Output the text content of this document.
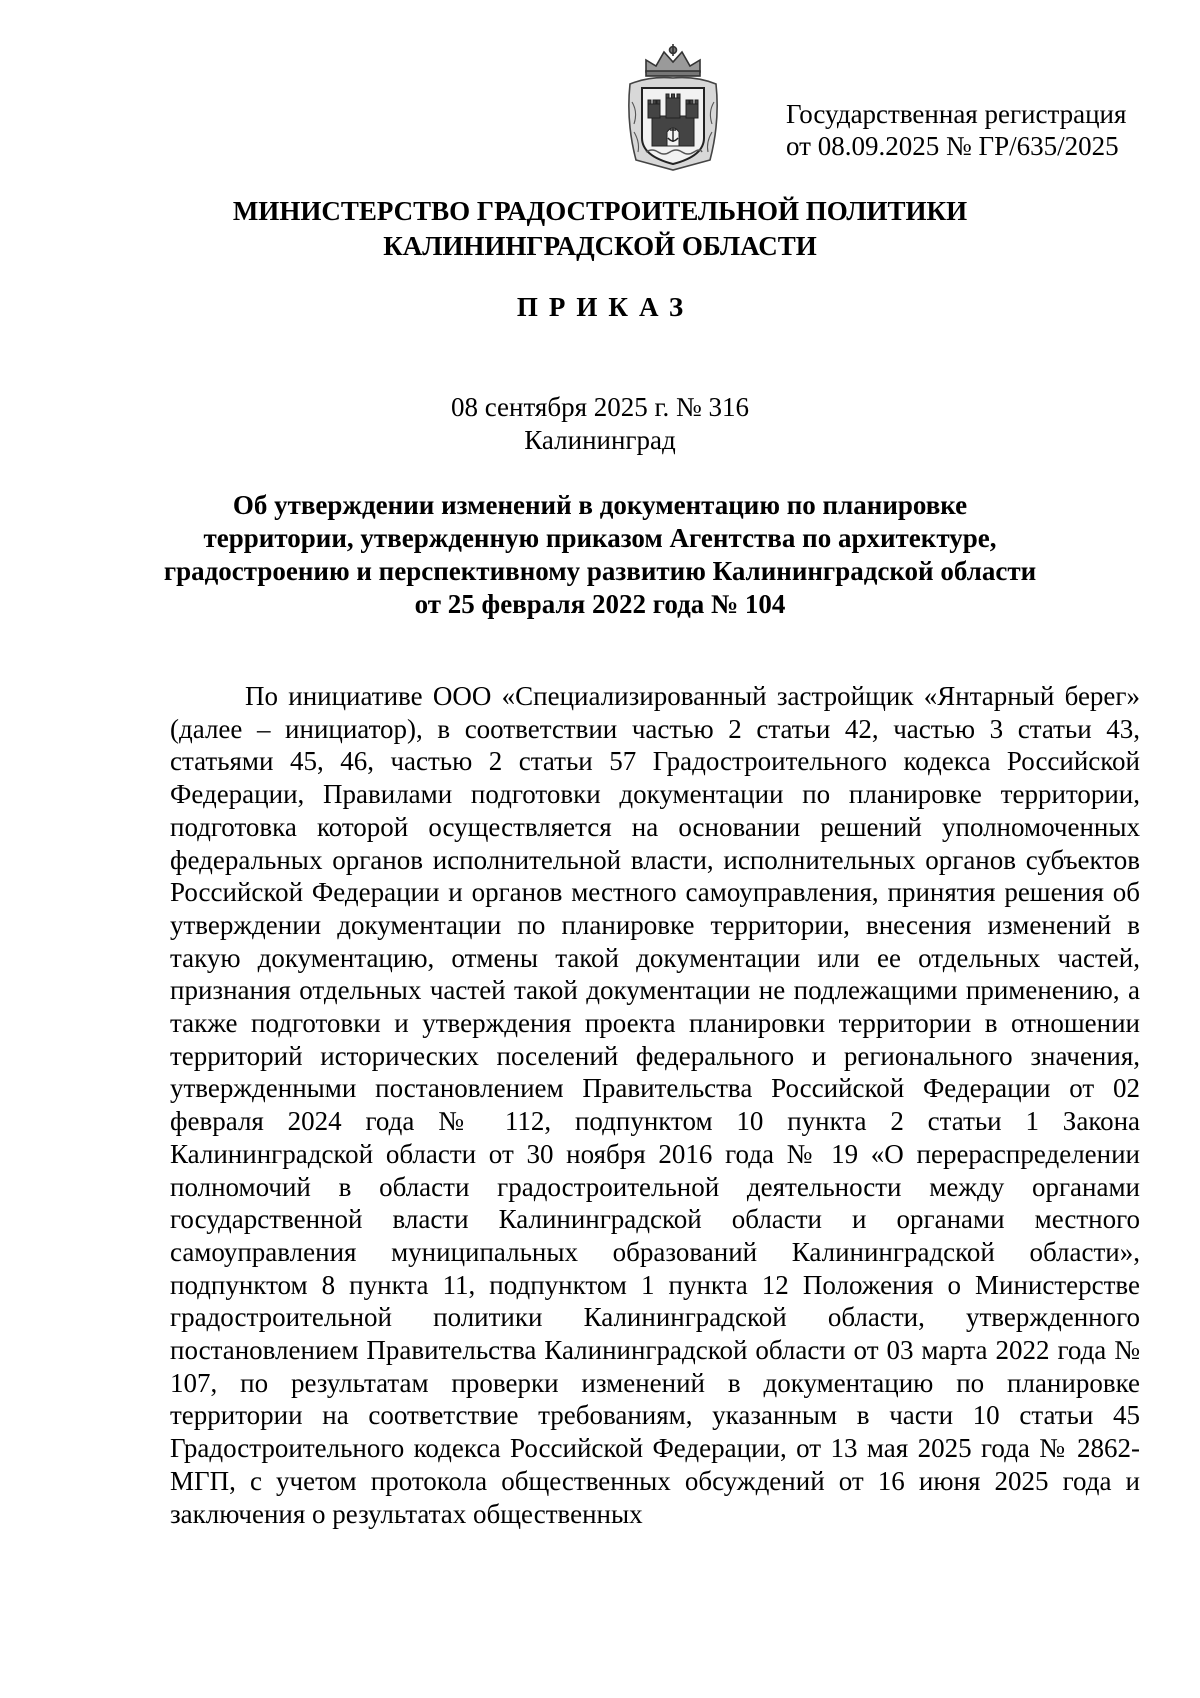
Государственная регистрация
от 08.09.2025 № ГР/635/2025
МИНИСТЕРСТВО ГРАДОСТРОИТЕЛЬНОЙ ПОЛИТИКИ
КАЛИНИНГРАДСКОЙ ОБЛАСТИ
ПРИКАЗ
08 сентября 2025 г. № 316
Калининград
Об утверждении изменений в документацию по планировке
территории, утвержденную приказом Агентства по архитектуре,
градостроению и перспективному развитию Калининградской области
от 25 февраля 2022 года № 104

По инициативе ООО «Специализированный застройщик «Янтарный берег» (далее – инициатор), в соответствии частью 2 статьи 42, частью 3 статьи 43, статьями 45, 46, частью 2 статьи 57 Градостроительного кодекса Российской Федерации, Правилами подготовки документации по планировке территории, подготовка которой осуществляется на основании решений уполномоченных федеральных органов исполнительной власти, исполнительных органов субъектов Российской Федерации и органов местного самоуправления, принятия решения об утверждении документации по планировке территории, внесения изменений в такую документацию, отмены такой документации или ее отдельных частей, признания отдельных частей такой документации не подлежащими применению, а также подготовки и утверждения проекта планировки территории в отношении территорий исторических поселений федерального и регионального значения, утвержденными постановлением Правительства Российской Федерации от 02 февраля 2024 года № 112, подпунктом 10 пункта 2 статьи 1 Закона Калининградской области от 30 ноября 2016 года № 19 «О перераспределении полномочий в области градостроительной деятельности между органами государственной власти Калининградской области и органами местного самоуправления муниципальных образований Калининградской области», подпунктом 8 пункта 11, подпунктом 1 пункта 12 Положения о Министерстве градостроительной политики Калининградской области, утвержденного постановлением Правительства Калининградской области от 03 марта 2022 года № 107, по результатам проверки изменений в документацию по планировке территории на соответствие требованиям, указанным в части 10 статьи 45 Градостроительного кодекса Российской Федерации, от 13 мая 2025 года № 2862-МГП, с учетом протокола общественных обсуждений от 16 июня 2025 года и заключения о результатах общественных
